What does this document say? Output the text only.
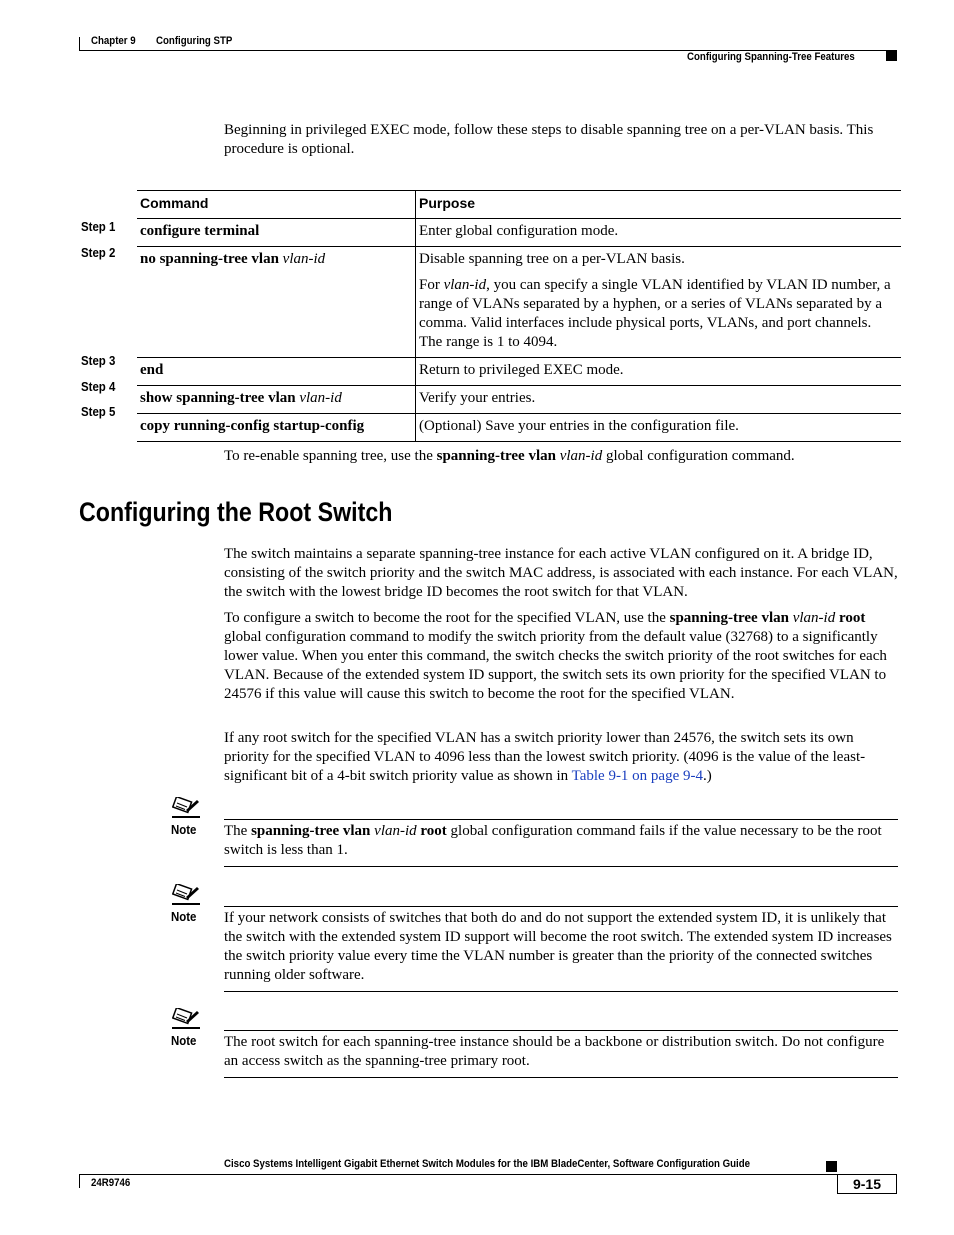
Chapter 9 Configuring STP
Configuring Spanning-Tree Features

Beginning in privileged EXEC mode, follow these steps to disable spanning tree on a per-VLAN basis. This procedure is optional.

Step 1
Step 2
Step 3
Step 4
Step 5
Command	Purpose
configure terminal	Enter global configuration mode.
no spanning-tree vlan vlan-id	Disable spanning tree on a per-VLAN basis.
For vlan-id, you can specify a single VLAN identified by VLAN ID number, a range of VLANs separated by a hyphen, or a series of VLANs separated by a comma. Valid interfaces include physical ports, VLANs, and port channels. The range is 1 to 4094.

end	Return to privileged EXEC mode.
show spanning-tree vlan vlan-id	Verify your entries.
copy running-config startup-config	(Optional) Save your entries in the configuration file.

To re-enable spanning tree, use the spanning-tree vlan vlan-id global configuration command.

Configuring the Root Switch

The switch maintains a separate spanning-tree instance for each active VLAN configured on it. A bridge ID, consisting of the switch priority and the switch MAC address, is associated with each instance. For each VLAN, the switch with the lowest bridge ID becomes the root switch for that VLAN.

To configure a switch to become the root for the specified VLAN, use the spanning-tree vlan vlan-id root global configuration command to modify the switch priority from the default value (32768) to a significantly lower value. When you enter this command, the switch checks the switch priority of the root switches for each VLAN. Because of the extended system ID support, the switch sets its own priority for the specified VLAN to 24576 if this value will cause this switch to become the root for the specified VLAN.

If any root switch for the specified VLAN has a switch priority lower than 24576, the switch sets its own priority for the specified VLAN to 4096 less than the lowest switch priority. (4096 is the value of the least-significant bit of a 4-bit switch priority value as shown in Table 9-1 on page 9-4.)

Note The spanning-tree vlan vlan-id root global configuration command fails if the value necessary to be the root switch is less than 1.
Note If your network consists of switches that both do and do not support the extended system ID, it is unlikely that the switch with the extended system ID support will become the root switch. The extended system ID increases the switch priority value every time the VLAN number is greater than the priority of the connected switches running older software.
Note The root switch for each spanning-tree instance should be a backbone or distribution switch. Do not configure an access switch as the spanning-tree primary root.
Cisco Systems Intelligent Gigabit Ethernet Switch Modules for the IBM BladeCenter, Software Configuration Guide
24R9746	9-15
